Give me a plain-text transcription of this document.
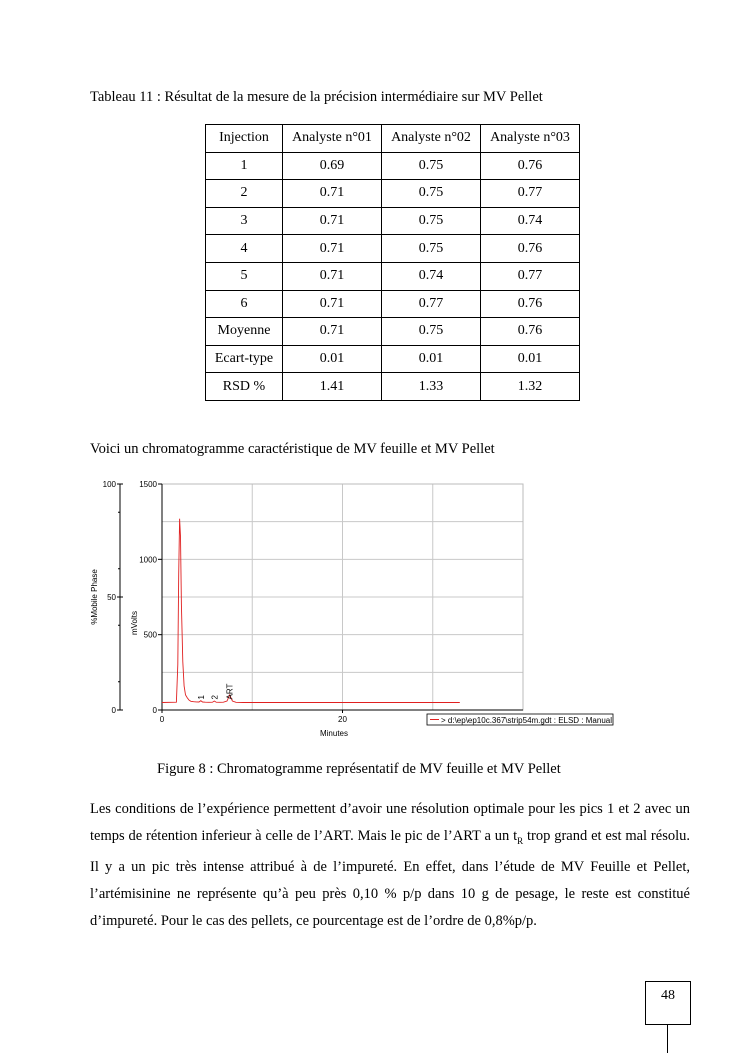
Tableau 11 : Résultat de la mesure de la précision intermédiaire sur MV Pellet
Injection	Analyste n°01	Analyste n°02	Analyste n°03
1	0.69	0.75	0.76
2	0.71	0.75	0.77
3	0.71	0.75	0.74
4	0.71	0.75	0.76
5	0.71	0.74	0.77
6	0.71	0.77	0.76
Moyenne	0.71	0.75	0.76
Ecart-type	0.01	0.01	0.01
RSD %	1.41	1.33	1.32
Voici un chromatogramme caractéristique de MV feuille et MV Pellet
0
500
1000
1500
0
50
100
0	20
1 2 ART
> d:\ep\ep10c.367\strip54m.gdt : ELSD : Manual
Minutes
mVolts
%Mobile Phase
Figure 8 : Chromatogramme représentatif de MV feuille et MV Pellet

Les conditions de l’expérience permettent d’avoir une résolution optimale pour les pics 1 et 2 avec un temps de rétention inferieur à celle de l’ART. Mais le pic de l’ART a un $t_R$ trop grand et est mal résolu. Il y a un pic très intense attribué à de l’impureté. En effet, dans l’étude de MV Feuille et Pellet, l’artémisinine ne représente qu’à peu près 0,10 % p/p dans 10 g de pesage, le reste est constitué d’impureté. Pour le cas des pellets, ce pourcentage est de l’ordre de 0,8%p/p.

48
